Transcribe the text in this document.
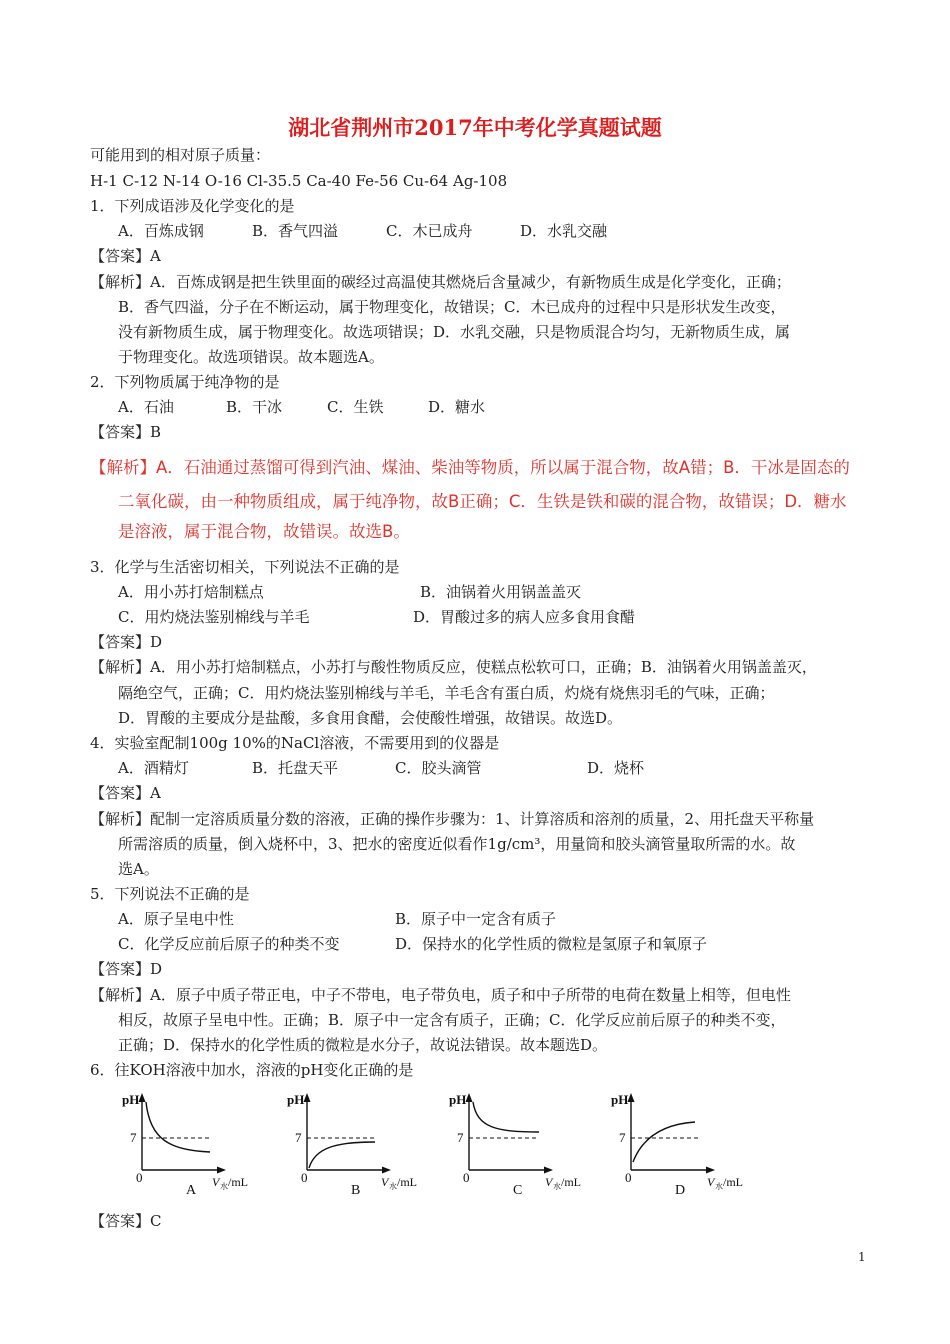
湖北省荆州市2017年中考化学真题试题
可能用到的相对原子质量：
H-1 C-12 N-14 O-16 Cl-35.5 Ca-40 Fe-56 Cu-64 Ag-108
1．下列成语涉及化学变化的是
A．百炼成钢	B．香气四溢	C．木已成舟	D．水乳交融
【答案】A
【解析】A．百炼成钢是把生铁里面的碳经过高温使其燃烧后含量减少，有新物质生成是化学变化，正确；
B．香气四溢，分子在不断运动，属于物理变化，故错误；C．木已成舟的过程中只是形状发生改变，
没有新物质生成，属于物理变化。故选项错误；D．水乳交融，只是物质混合均匀，无新物质生成，属
于物理变化。故选项错误。故本题选A。
2．下列物质属于纯净物的是
A．石油	B．干冰	C．生铁	D．糖水
【答案】B
【解析】A．石油通过蒸馏可得到汽油、煤油、柴油等物质，所以属于混合物，故A错；B．干冰是固态的
二氧化碳，由一种物质组成，属于纯净物，故B正确；C．生铁是铁和碳的混合物，故错误；D．糖水
是溶液，属于混合物，故错误。故选B。
3．化学与生活密切相关，下列说法不正确的是
A．用小苏打焙制糕点	B．油锅着火用锅盖盖灭
C．用灼烧法鉴别棉线与羊毛	D．胃酸过多的病人应多食用食醋
【答案】D
【解析】A．用小苏打焙制糕点，小苏打与酸性物质反应，使糕点松软可口，正确；B．油锅着火用锅盖盖灭，
隔绝空气，正确；C．用灼烧法鉴别棉线与羊毛，羊毛含有蛋白质，灼烧有烧焦羽毛的气味，正确；
D．胃酸的主要成分是盐酸，多食用食醋，会使酸性增强，故错误。故选D。
4．实验室配制100g 10%的NaCl溶液，不需要用到的仪器是
A．酒精灯	B．托盘天平	C．胶头滴管	D．烧杯
【答案】A
【解析】配制一定溶质质量分数的溶液，正确的操作步骤为：1、计算溶质和溶剂的质量，2、用托盘天平称量
所需溶质的质量，倒入烧杯中，3、把水的密度近似看作1g/cm³，用量筒和胶头滴管量取所需的水。故
选A。
5．下列说法不正确的是
A．原子呈电中性	B．原子中一定含有质子
C．化学反应前后原子的种类不变	D．保持水的化学性质的微粒是氢原子和氧原子
【答案】D
【解析】A．原子中质子带正电，中子不带电，电子带负电，质子和中子所带的电荷在数量上相等，但电性
相反，故原子呈电中性。正确；B．原子中一定含有质子，正确；C．化学反应前后原子的种类不变，
正确；D．保持水的化学性质的微粒是水分子，故说法错误。故本题选D。
6．往KOH溶液中加水，溶液的pH变化正确的是
pH
7
0
A
V 水 /mL
pH
7
0
B
V 水 /mL
pH
7
0
C
V 水 /mL
pH
7
0
D
V 水 /mL
【答案】C
1
